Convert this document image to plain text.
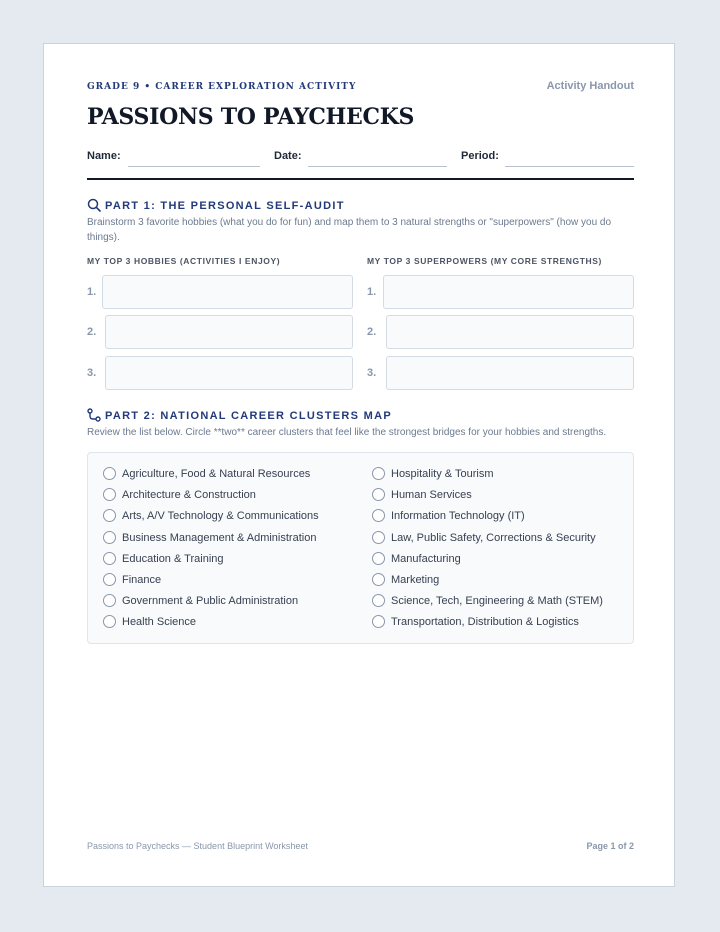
GRADE 9 • CAREER EXPLORATION ACTIVITY	Activity Handout
PASSIONS TO PAYCHECKS
Name:	Date:	Period:
PART 1: THE PERSONAL SELF-AUDIT
Brainstorm 3 favorite hobbies (what you do for fun) and map them to 3 natural strengths or "superpowers" (how you do things).
MY TOP 3 HOBBIES (ACTIVITIES I ENJOY)	MY TOP 3 SUPERPOWERS (MY CORE STRENGTHS)
1.	1.
2.	2.
3.	3.
PART 2: NATIONAL CAREER CLUSTERS MAP
Review the list below. Circle **two** career clusters that feel like the strongest bridges for your hobbies and strengths.
Agriculture, Food & Natural Resources
Architecture & Construction
Arts, A/V Technology & Communications
Business Management & Administration
Education & Training
Finance
Government & Public Administration
Health Science
Hospitality & Tourism
Human Services
Information Technology (IT)
Law, Public Safety, Corrections & Security
Manufacturing
Marketing
Science, Tech, Engineering & Math (STEM)
Transportation, Distribution & Logistics
Passions to Paychecks — Student Blueprint Worksheet	Page 1 of 2
